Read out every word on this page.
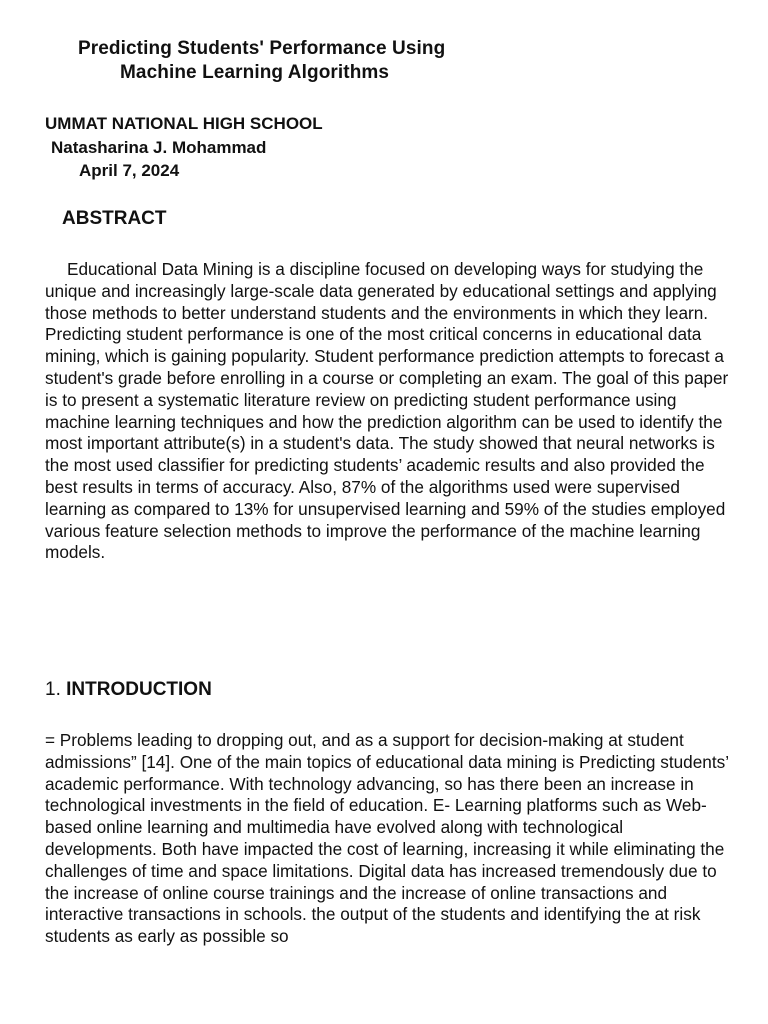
Predicting Students' Performance Using
Machine Learning Algorithms
UMMAT NATIONAL HIGH SCHOOL
Natasharina J. Mohammad
April 7, 2024
ABSTRACT
Educational Data Mining is a discipline focused on developing ways for studying the unique and increasingly large-scale data generated by educational settings and applying those methods to better understand students and the environments in which they learn. Predicting student performance is one of the most critical concerns in educational data mining, which is gaining popularity. Student performance prediction attempts to forecast a student's grade before enrolling in a course or completing an exam. The goal of this paper is to present a systematic literature review on predicting student performance using machine learning techniques and how the prediction algorithm can be used to identify the most important attribute(s) in a student's data. The study showed that neural networks is the most used classifier for predicting students’ academic results and also provided the best results in terms of accuracy. Also, 87% of the algorithms used were supervised learning as compared to 13% for unsupervised learning and 59% of the studies employed various feature selection methods to improve the performance of the machine learning models.
1. INTRODUCTION
= Problems leading to dropping out, and as a support for decision-making at student admissions” [14]. One of the main topics of educational data mining is Predicting students’ academic performance. With technology advancing, so has there been an increase in technological investments in the field of education. E- Learning platforms such as Web-based online learning and multimedia have evolved along with technological developments. Both have impacted the cost of learning, increasing it while eliminating the challenges of time and space limitations. Digital data has increased tremendously due to the increase of online course trainings and the increase of online transactions and interactive transactions in schools. the output of the students and identifying the at risk students as early as possible so
